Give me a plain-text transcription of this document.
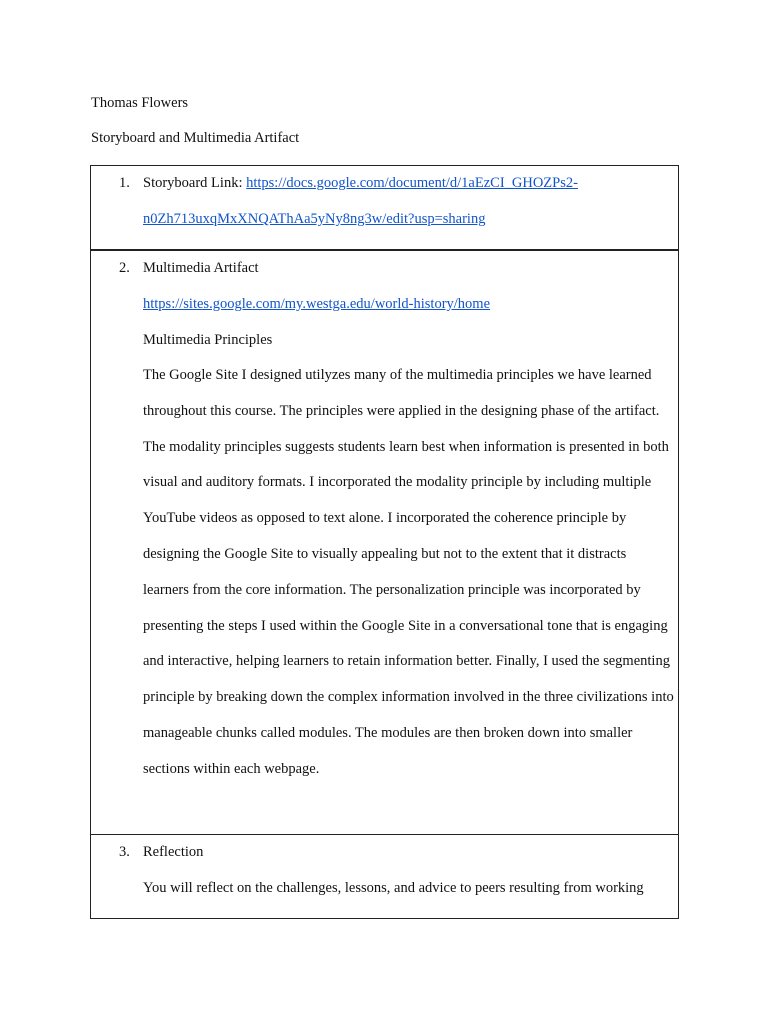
Thomas Flowers
Storyboard and Multimedia Artifact
1. Storyboard Link: https://docs.google.com/document/d/1aEzCI_GHOZPs2-
n0Zh713uxqMxXNQAThAa5yNy8ng3w/edit?usp=sharing
2. Multimedia Artifact
https://sites.google.com/my.westga.edu/world-history/home
Multimedia Principles
The Google Site I designed utilyzes many of the multimedia principles we have learned throughout this course. The principles were applied in the designing phase of the artifact. The modality principles suggests students learn best when information is presented in both visual and auditory formats. I incorporated the modality principle by including multiple YouTube videos as opposed to text alone. I incorporated the coherence principle by designing the Google Site to visually appealing but not to the extent that it distracts learners from the core information. The personalization principle was incorporated by presenting the steps I used within the Google Site in a conversational tone that is engaging and interactive, helping learners to retain information better. Finally, I used the segmenting principle by breaking down the complex information involved in the three civilizations into manageable chunks called modules. The modules are then broken down into smaller sections within each webpage.
3. Reflection
You will reflect on the challenges, lessons, and advice to peers resulting from working
